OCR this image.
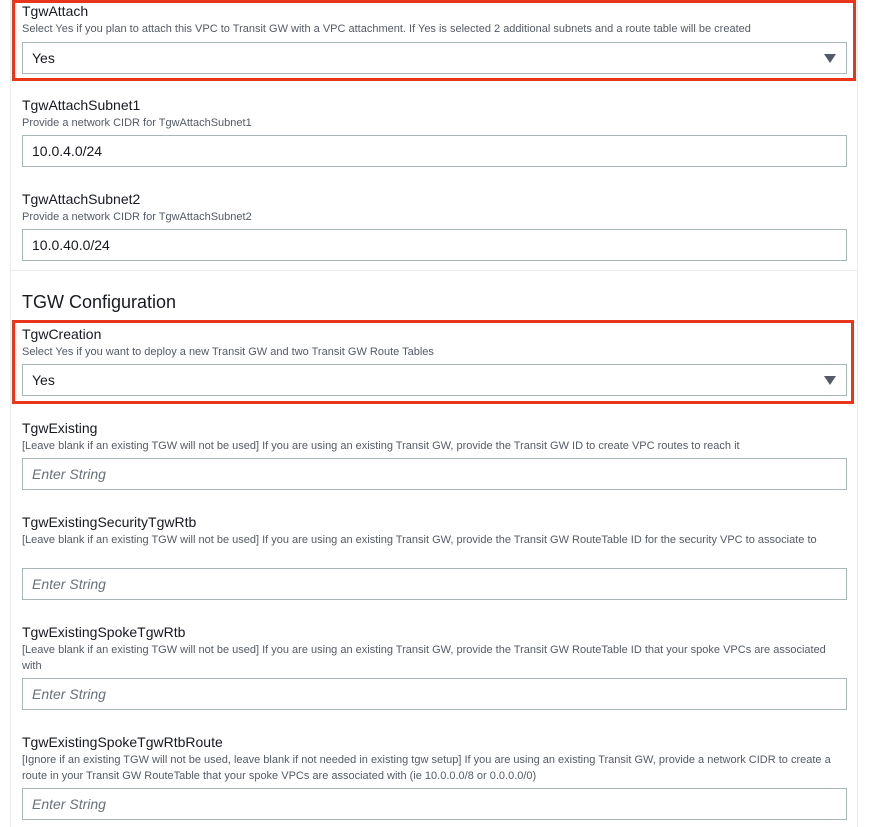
TgwAttach
Select Yes if you plan to attach this VPC to Transit GW with a VPC attachment. If Yes is selected 2 additional subnets and a route table will be created
Yes
TgwAttachSubnet1
Provide a network CIDR for TgwAttachSubnet1
10.0.4.0/24
TgwAttachSubnet2
Provide a network CIDR for TgwAttachSubnet2
10.0.40.0/24
TGW Configuration
TgwCreation
Select Yes if you want to deploy a new Transit GW and two Transit GW Route Tables
Yes
TgwExisting
[Leave blank if an existing TGW will not be used] If you are using an existing Transit GW, provide the Transit GW ID to create VPC routes to reach it
Enter String
TgwExistingSecurityTgwRtb
[Leave blank if an existing TGW will not be used] If you are using an existing Transit GW, provide the Transit GW RouteTable ID for the security VPC to associate to
Enter String
TgwExistingSpokeTgwRtb
[Leave blank if an existing TGW will not be used] If you are using an existing Transit GW, provide the Transit GW RouteTable ID that your spoke VPCs are associated with
Enter String
TgwExistingSpokeTgwRtbRoute
[Ignore if an existing TGW will not be used, leave blank if not needed in existing tgw setup] If you are using an existing Transit GW, provide a network CIDR to create a route in your Transit GW RouteTable that your spoke VPCs are associated with (ie 10.0.0.0/8 or 0.0.0.0/0)
Enter String
